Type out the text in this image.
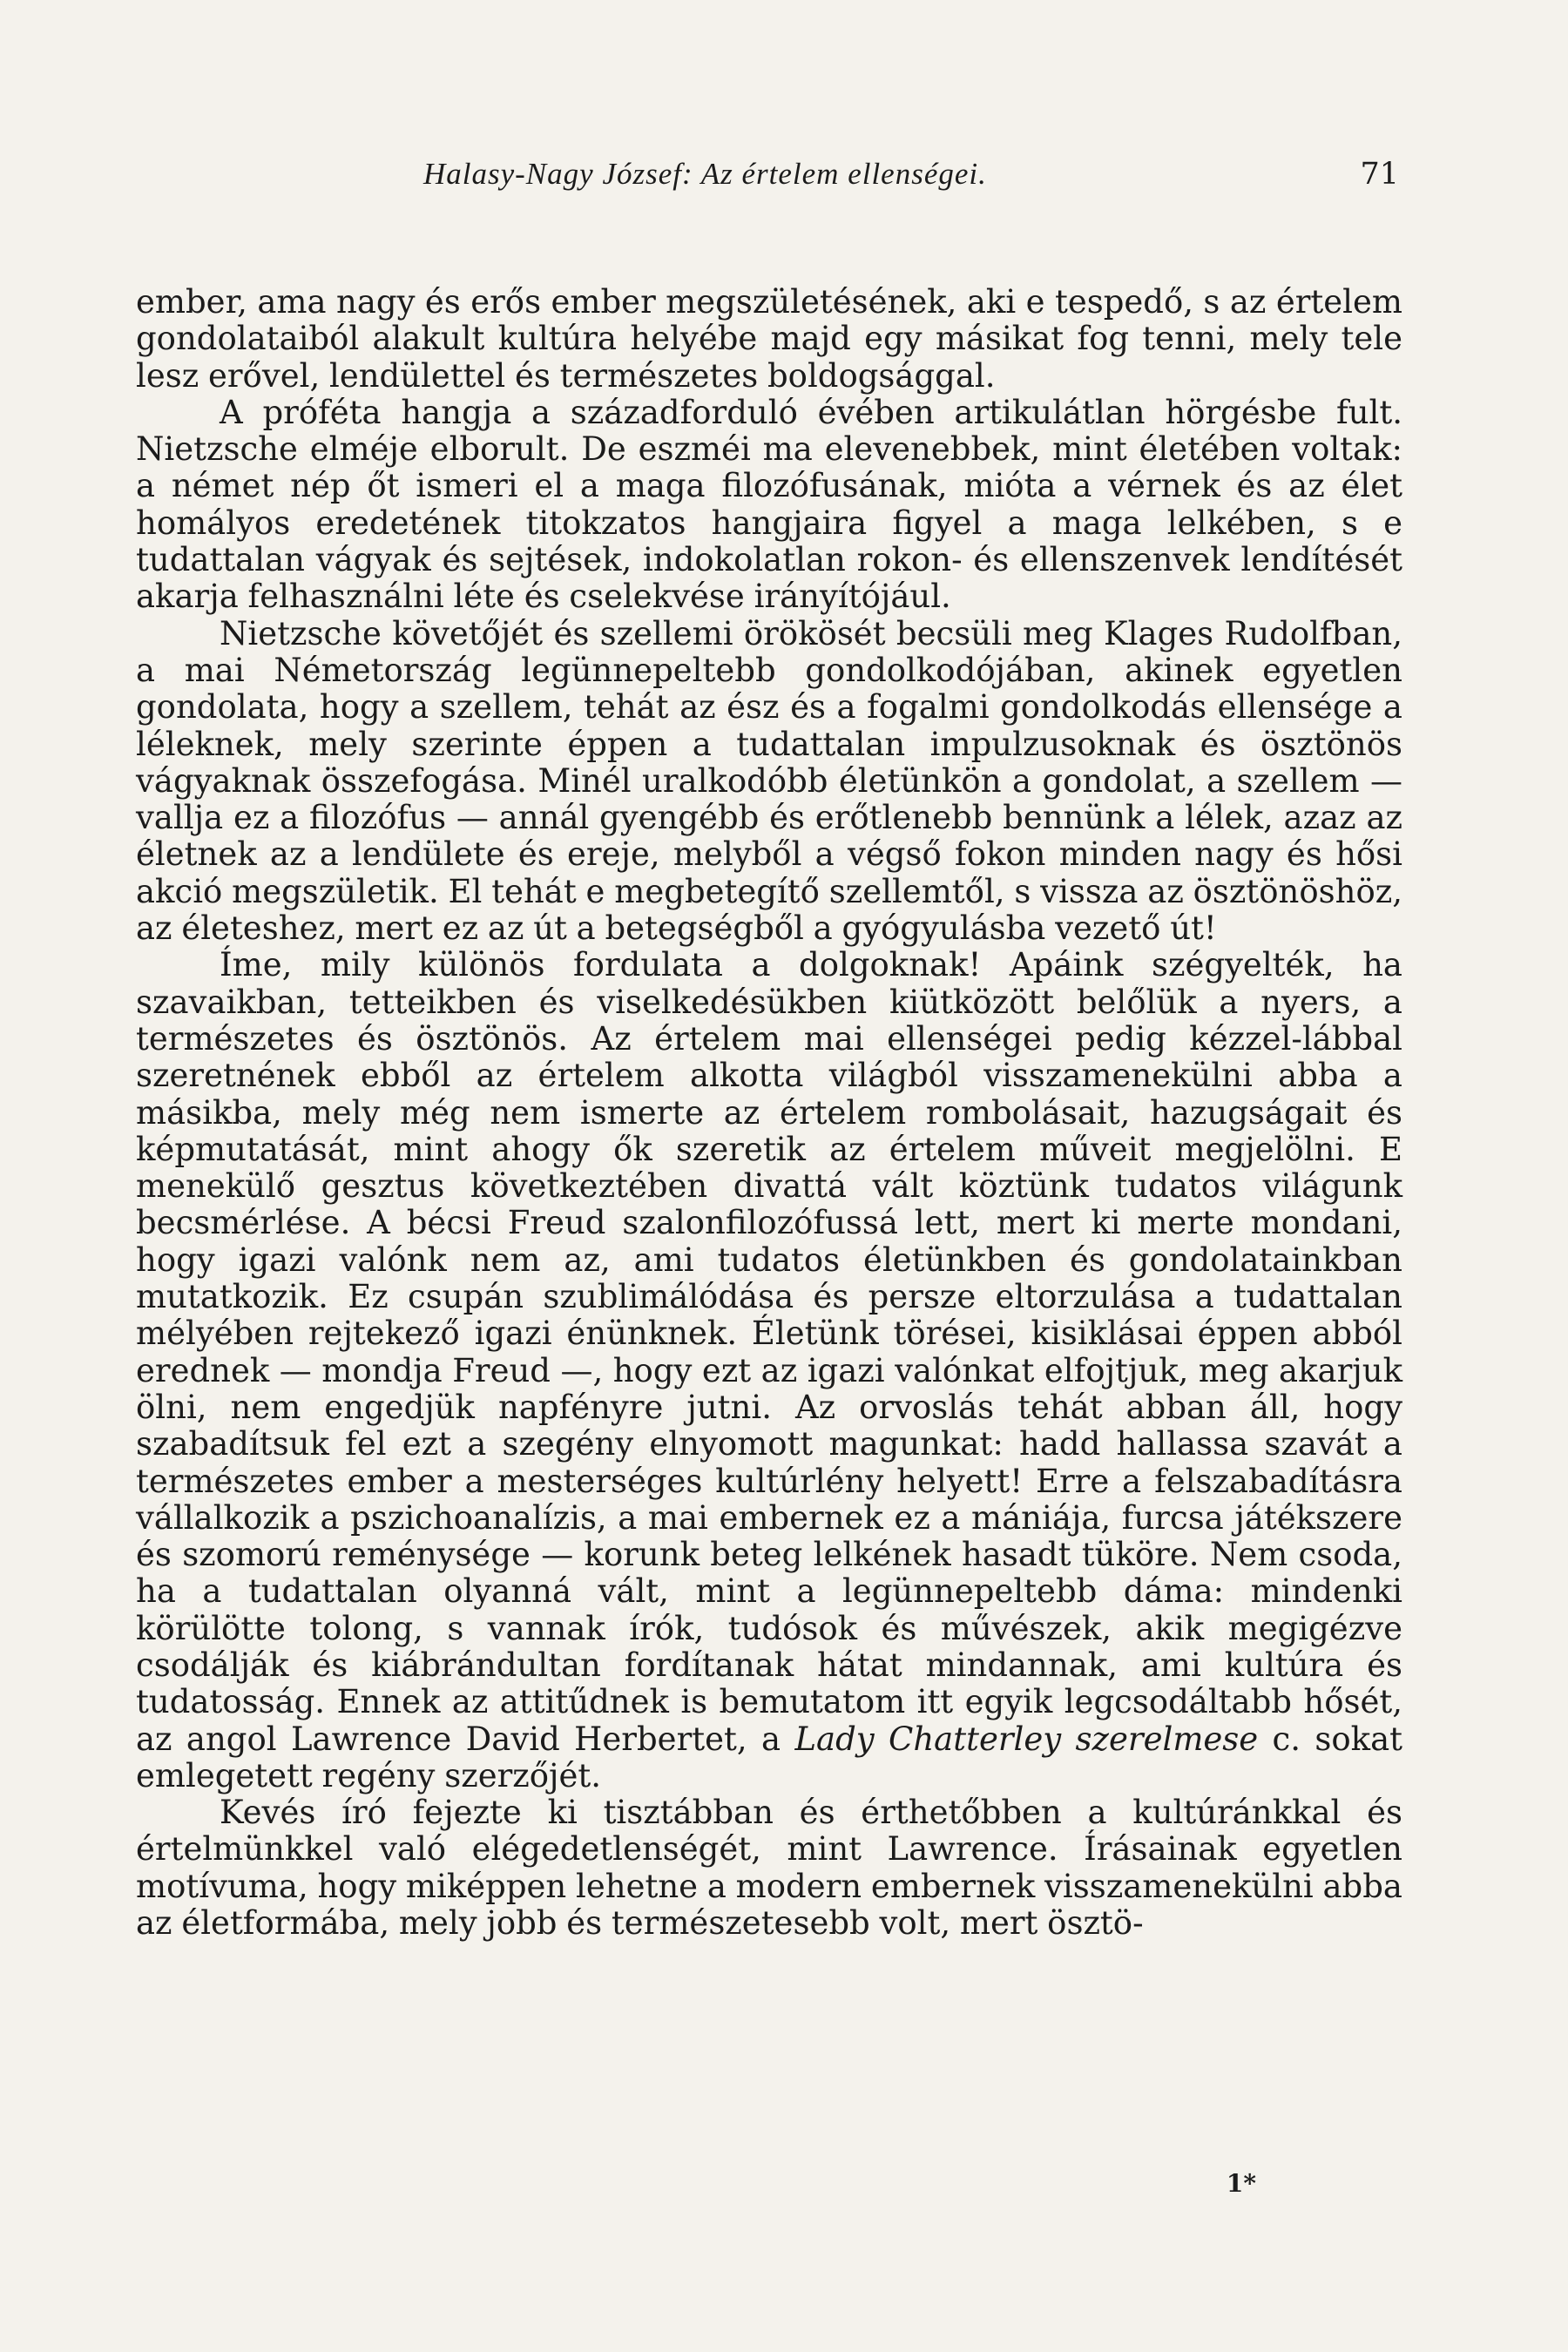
Halasy-Nagy József: Az értelem ellenségei.	71

ember, ama nagy és erős ember megszületésének, aki e tespedő, s az értelem gondolataiból alakult kultúra helyébe majd egy másikat fog tenni, mely tele lesz erővel, lendülettel és természetes boldogsággal.

A próféta hangja a századforduló évében artikulátlan hörgésbe fult. Nietzsche elméje elborult. De eszméi ma elevenebbek, mint életében voltak: a német nép őt ismeri el a maga filozófusának, mióta a vérnek és az élet homályos eredetének titokzatos hangjaira figyel a maga lelkében, s e tudattalan vágyak és sejtések, indokolatlan rokon- és ellenszenvek lendítését akarja felhasználni léte és cselekvése irányítójául.

Nietzsche követőjét és szellemi örökösét becsüli meg Klages Rudolfban, a mai Németország legünnepeltebb gondolkodójában, akinek egyetlen gondolata, hogy a szellem, tehát az ész és a fogalmi gondolkodás ellensége a léleknek, mely szerinte éppen a tudattalan impulzusoknak és ösztönös vágyaknak összefogása. Minél uralkodóbb életünkön a gondolat, a szellem — vallja ez a filozófus — annál gyengébb és erőtlenebb bennünk a lélek, azaz az életnek az a lendülete és ereje, melyből a végső fokon minden nagy és hősi akció megszületik. El tehát e megbetegítő szellemtől, s vissza az ösztönöshöz, az életeshez, mert ez az út a betegségből a gyógyulásba vezető út!

Íme, mily különös fordulata a dolgoknak! Apáink szégyelték, ha szavaikban, tetteikben és viselkedésükben kiütközött belőlük a nyers, a természetes és ösztönös. Az értelem mai ellenségei pedig kézzel-lábbal szeretnének ebből az értelem alkotta világból visszamenekülni abba a másikba, mely még nem ismerte az értelem rombolásait, hazugságait és képmutatását, mint ahogy ők szeretik az értelem műveit megjelölni. E menekülő gesztus következtében divattá vált köztünk tudatos világunk becsmérlése. A bécsi Freud szalonfilozófussá lett, mert ki merte mondani, hogy igazi valónk nem az, ami tudatos életünkben és gondolatainkban mutatkozik. Ez csupán szublimálódása és persze eltorzulása a tudattalan mélyében rejtekező igazi énünknek. Életünk törései, kisiklásai éppen abból erednek — mondja Freud —, hogy ezt az igazi valónkat elfojtjuk, meg akarjuk ölni, nem engedjük napfényre jutni. Az orvoslás tehát abban áll, hogy szabadítsuk fel ezt a szegény elnyomott magunkat: hadd hallassa szavát a természetes ember a mesterséges kultúrlény helyett! Erre a felszabadításra vállalkozik a pszichoanalízis, a mai embernek ez a mániája, furcsa játékszere és szomorú reménysége — korunk beteg lelkének hasadt tüköre. Nem csoda, ha a tudattalan olyanná vált, mint a legünnepeltebb dáma: mindenki körülötte tolong, s vannak írók, tudósok és művészek, akik megigézve csodálják és kiábrándultan fordítanak hátat mindannak, ami kultúra és tudatosság. Ennek az attitűdnek is bemutatom itt egyik legcsodáltabb hősét, az angol Lawrence David Herbertet, a Lady Chatterley szerelmese c. sokat emlegetett regény szerzőjét.

Kevés író fejezte ki tisztábban és érthetőbben a kultúránkkal és értelmünkkel való elégedetlenségét, mint Lawrence. Írásainak egyetlen motívuma, hogy miképpen lehetne a modern embernek visszamenekülni abba az életformába, mely jobb és természetesebb volt, mert ösztö-

1*
